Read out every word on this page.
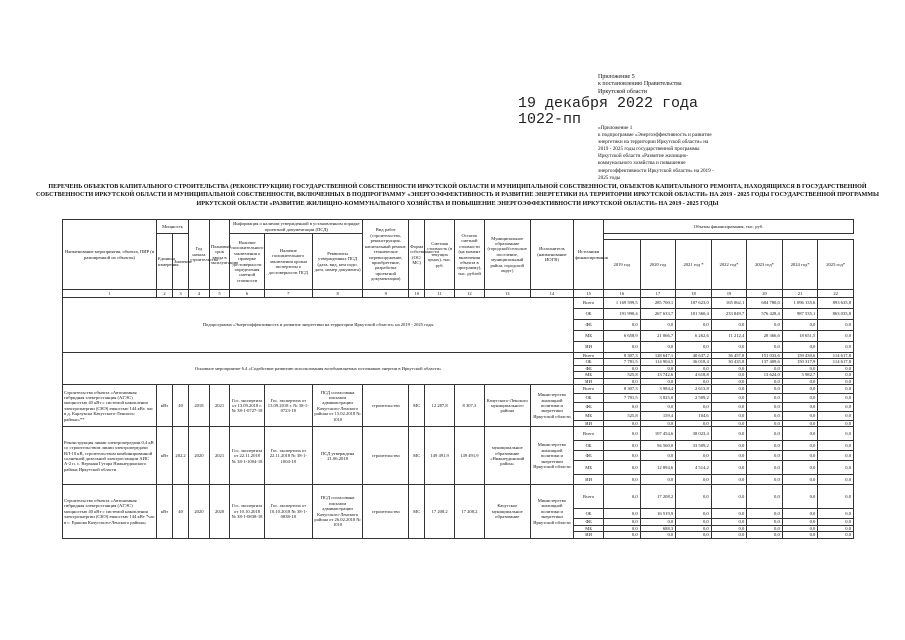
Приложение 5
к постановлению Правительства
Иркутской области
19 декабря 2022 года
1022-пп	«Приложение 1
к подпрограмме «Энергоэффективность и развитие
энергетики на территории Иркутской области» на
2019 - 2025 годы государственной программы
Иркутской области «Развитие жилищно-
коммунального хозяйства и повышение
энергоэффективности Иркутской области» на 2019 -
2025 годы
ПЕРЕЧЕНЬ ОБЪЕКТОВ КАПИТАЛЬНОГО СТРОИТЕЛЬСТВА (РЕКОНСТРУКЦИИ) ГОСУДАРСТВЕННОЙ СОБСТВЕННОСТИ ИРКУТСКОЙ ОБЛАСТИ И МУНИЦИПАЛЬНОЙ СОБСТВЕННОСТИ, ОБЪЕКТОВ КАПИТАЛЬНОГО РЕМОНТА, НАХОДЯЩИХСЯ В ГОСУДАРСТВЕННОЙ СОБСТВЕННОСТИ ИРКУТСКОЙ ОБЛАСТИ И МУНИЦИПАЛЬНОЙ СОБСТВЕННОСТИ, ВКЛЮЧЕННЫХ В ПОДПРОГРАММУ «ЭНЕРГОЭФФЕКТИВНОСТЬ И РАЗВИТИЕ ЭНЕРГЕТИКИ НА ТЕРРИТОРИИ ИРКУТСКОЙ ОБЛАСТИ» НА 2019 - 2025 ГОДЫ ГОСУДАРСТВЕННОЙ ПРОГРАММЫ ИРКУТСКОЙ ОБЛАСТИ «РАЗВИТИЕ ЖИЛИЩНО-КОММУНАЛЬНОГО ХОЗЯЙСТВА И ПОВЫШЕНИЕ ЭНЕРГОЭФФЕКТИВНОСТИ ИРКУТСКОЙ ОБЛАСТИ» НА 2019 - 2025 ГОДЫ
Наименование мероприятия, объекта, ПИР (в разширенной их объекты)	Мощность		Год начала строительства	Плановый срок ввода в эксплуатацию	Информация о наличии утвержденной в установленном порядке проектной документации (ПСД)			Вид работ (строительство, реконструкция, капитальный ремонт, техническое перевооружение, приобретение, разработка проектной документации)	Форма собственности (ОС/ МС)	Сметная стоимость (в текущих ценах), тыс. руб.	Остаток сметной стоимости (на момент включения объекта в программу), тыс. рублей	Муниципальное образование (городской/сельское поселение, муниципальный район, городской округ)	Исполнитель (наименование ИОГВ)	Источники финансирования	Объемы финансирования, тыс. руб.						
	Единица измерения	Значение			Наличие положительного заключения о проверке достоверности определения сметной стоимости	Наличие положительного заключения органа экспертизы о достоверности ПСД	Реквизиты утвержденных ПСД (дата, вид, кем подп. дата, номер документа)														
															2019 год	2020 год	2021 год *	2022 год*	2023 год*	2024 год*	2025 год*
1	2	3	4	5	6	7	8	9	10	11	12	13	14	15	16	17	18	19	20	21	22
Подпрограмма «Энергоэффективность и развитие энергетики на территории Иркутской области» на 2019 - 2025 годы														Всего	1 169 599,5	285 700,1	187 623,0	165 062,1	604 780,0	1 096 135,6	893 635,8
														ОБ	191 990,4	267 633,7	181 360,4	233 849,7	576 428,4	987 535,1	863 035,8
														ФБ	0,0	0,0	0,0	0,0	0,0	0,0	0,0
														МБ	6 658,9	21 066,7	6 262,6	11 212,4	28 366,6	18 651,5	0,0
														ИИ	0,0	0,0	0,0	0,0	0,0	0,0	0,0
Основное мероприятие 6.4 «Содействие развитию использования возобновляемых источников энергии в Иркутской области»														Всего	8 307,3	128 647,1	40 637,2	36 457,8	151 033,6	159 430,6	114 617,8
														ОБ	7 781,5	114 904,5	36 018,4	30 435,8	137 409,6	150 317,9	114 617,8
														ФБ	0,0	0,0	0,0	0,0	0,0	0,0	0,0
														МБ	525,8	13 742,6	4 618,8	0,0	13 624,0	5 982,7	0,0
														ИИ	0,0	0,0	0,0	0,0	0,0	0,0	0,0
Строительство объекта «Автономная гибридная электростанция (АГЭС) мощностью 40 кВт с системой накопления электроэнергии (СНЭ) емкостью 144 кВт. час в д. Карлукска Качугского-Ленского района»**	кВт	40	2018	2021	Гос. экспертиза от 13.09.2018 г. № 38-1-0727-18	Гос. экспертиза от 13.09.2018 г. № 38-1-0723-18	ПСД согласована письмом администрации Качугского-Ленского района от 15.02.2018 № 1010	строительство	МС	12 287,8	8 307,3	Качугского-Ленского муниципального района	Министерство жилищной политики и энергетики Иркутской области	Всего	8 307,3	3 984,4	2 613,8	0,0	0,0	0,0	0,0
														ОБ	7 781,5	3 825,0	2 509,2	0,0	0,0	0,0	0,0
														ФБ	0,0	0,0	0,0	0,0	0,0	0,0	0,0
														МБ	525,8	159,4	104,6	0,0	0,0	0,0	0,0
														ИИ	0,0	0,0	0,0	0,0	0,0	0,0	0,0
Реконструкция линии электропередачи 0,4 кВ со строительством линии электропередачи ВЛ-10 кВ, строительством комбинированной солнечной дизельной электростанции АИС А-2 п. с. Верхняя Гутара Нижнеудинского района Иркутской области	кВт	202,2	2020	2021	Гос. экспертиза от 22.11.2018 № 38-1-1004-18	Гос. экспертиза от 22.11.2018 № 38-1-1004-18	ПСД утверждена 21.06.2018	строительство	МС	149 491,9	149 491,9	муниципальное образование «Нижнеудинский район»	Министерство жилищной политики и энергетики Иркутской области	Всего	0,0	107 454,6	38 023,4	0,0	0,0	0,0	0,0
														ОБ	0,0	94 560,0	33 509,2	0,0	0,0	0,0	0,0
														ФБ	0,0	0,0	0,0	0,0	0,0	0,0	0,0
														МБ	0,0	12 894,6	4 514,2	0,0	0,0	0,0	0,0
														ИИ	0,0	0,0	0,0	0,0	0,0	0,0	0,0
Строительство объекта «Автономная гибридная электростанция (АГЭС) мощностью 40 кВт с системой накопления электроэнергии (СНЭ) емкостью 144 кВт *час в с. Ершова Качугского-Ленского района»	кВт	40	2020	2020	Гос. экспертиза от 10.10.2018 № 38-1-0838-18	Гос. экспертиза от 10.10.2018 № 38-1-0838-18	ПСД согласована письмом администрации Качугского-Ленского района от 26.02.2018 № 1010	строительство	МС	17 208,2	17 208,2	Качугское муниципальное образование	Министерство жилищной политики и энергетики Иркутской области	Всего	0,0	17 208,2	0,0	0,0	0,0	0,0	0,0
														ОБ	0,0	16 519,9	0,0	0,0	0,0	0,0	0,0
														ФБ	0,0	0,0	0,0	0,0	0,0	0,0	0,0
														МБ	0,0	688,3	0,0	0,0	0,0	0,0	0,0
														ИИ	0,0	0,0	0,0	0,0	0,0	0,0	0,0
